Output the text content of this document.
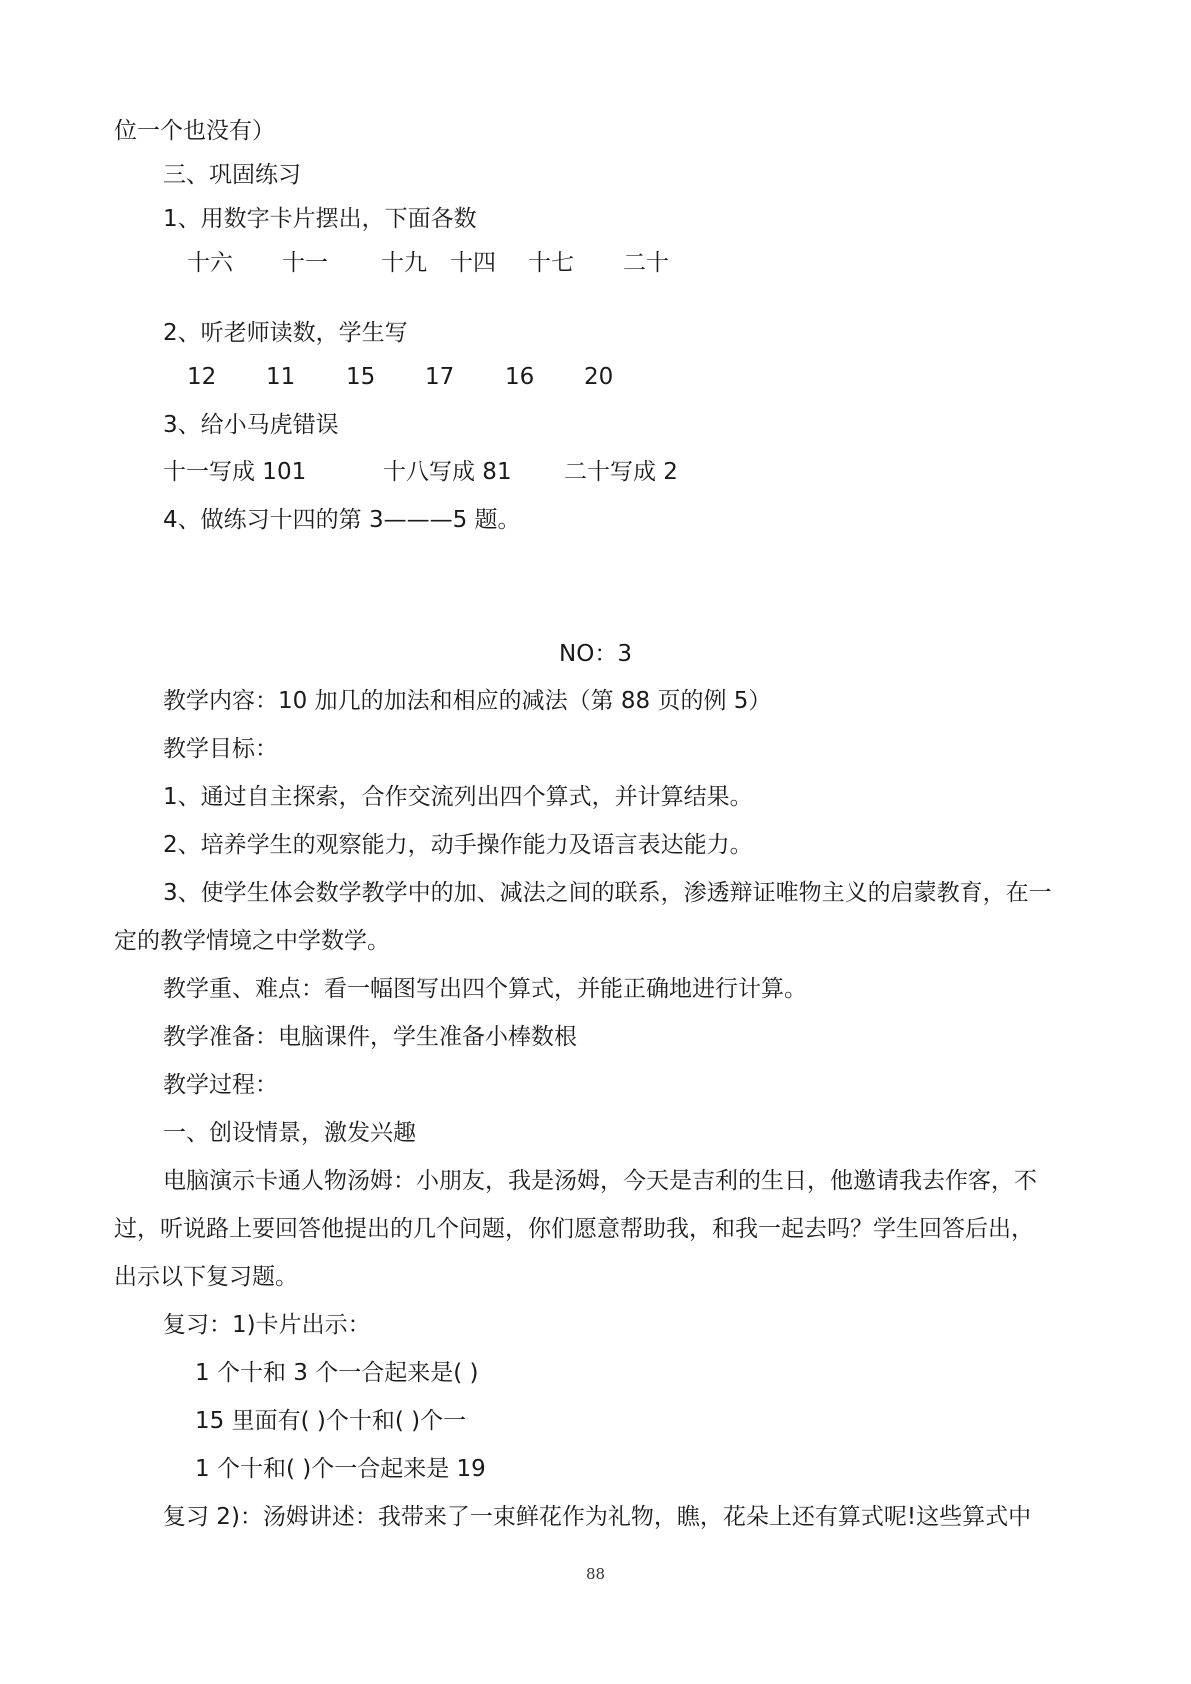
位一个也没有）
三、巩固练习
1、用数字卡片摆出，下面各数
十六 十一 十九 十四 十七 二十
2、听老师读数，学生写
12 11 15 17 16 20
3、给小马虎错误
十一写成 101	十八写成 81 二十写成 2
4、做练习十四的第 3———5 题。
NO：3
教学内容：10 加几的加法和相应的减法（第 88 页的例 5）
教学目标：
1、通过自主探索，合作交流列出四个算式，并计算结果。
2、培养学生的观察能力，动手操作能力及语言表达能力。
3、使学生体会数学教学中的加、减法之间的联系，渗透辩证唯物主义的启蒙教育，在一
定的教学情境之中学数学。
教学重、难点：看一幅图写出四个算式，并能正确地进行计算。
教学准备：电脑课件，学生准备小棒数根
教学过程：
一、创设情景，激发兴趣
电脑演示卡通人物汤姆：小朋友，我是汤姆，今天是吉利的生日，他邀请我去作客，不
过，听说路上要回答他提出的几个问题，你们愿意帮助我，和我一起去吗？学生回答后出，
出示以下复习题。
复习：1)卡片出示：
1 个十和 3 个一合起来是( )
15 里面有( )个十和( )个一
1 个十和( )个一合起来是 19
复习 2)：汤姆讲述：我带来了一束鲜花作为礼物，瞧，花朵上还有算式呢!这些算式中
88
